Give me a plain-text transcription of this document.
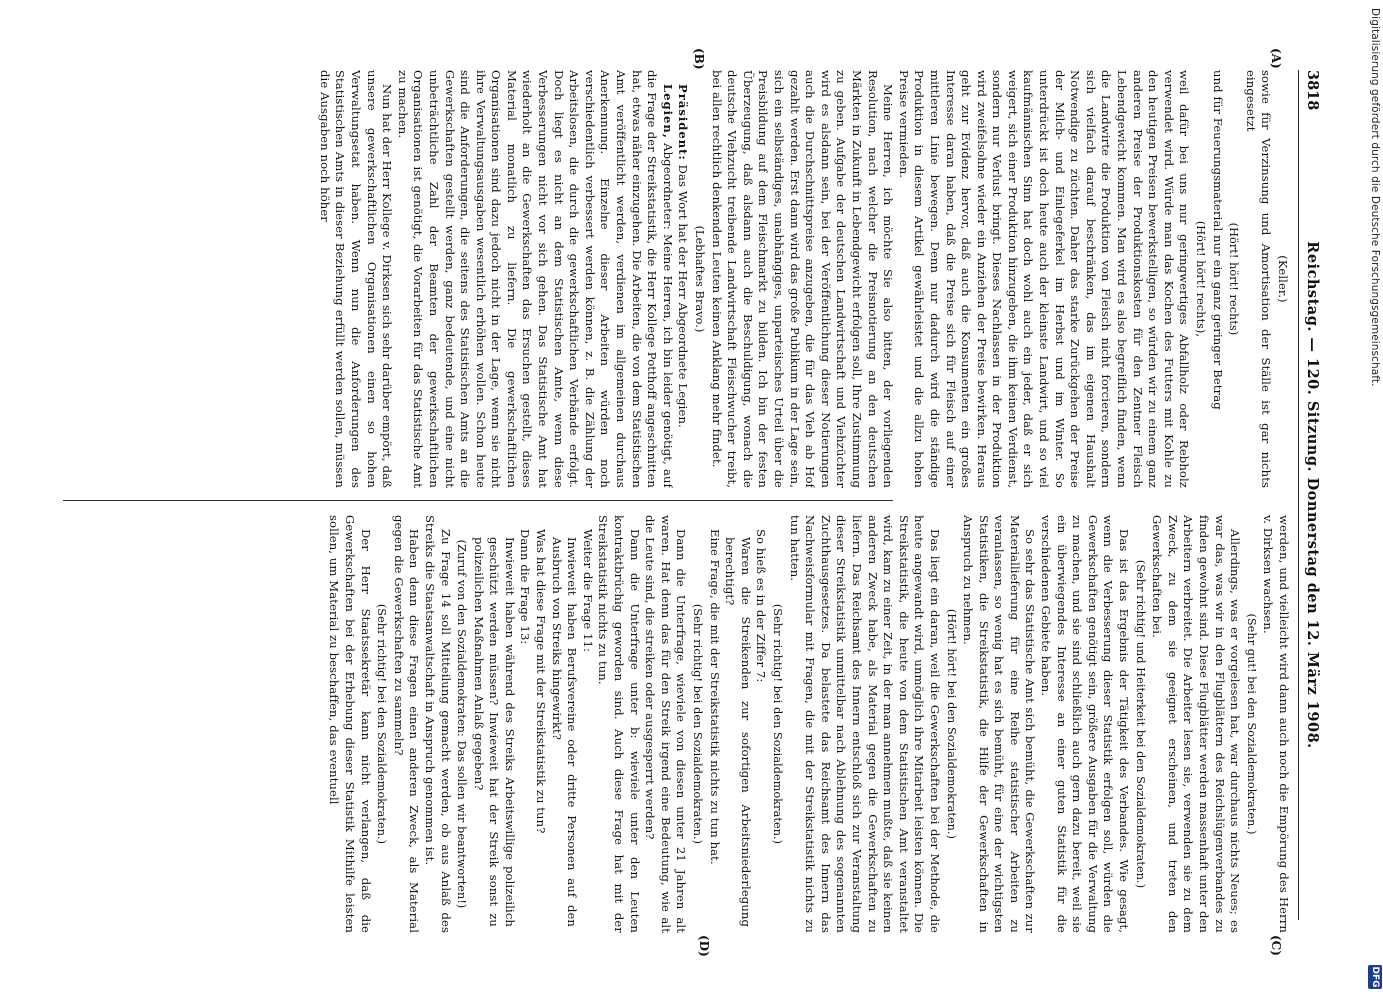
Digitalisierung gefördert durch die Deutsche Forschungsgemeinschaft.
DFG
3818
Reichstag. — 120. Sitzung. Donnerstag den 12. März 1908.
(A)
(B)
(C)
(D)

(Keller.)

sowie für Verzinsung und Amortisation der Ställe ist gar nichts eingesetzt

(Hört! hört! rechts)

und für Feuerungsmaterial nur ein ganz geringer Betrag

(Hört! hört! rechts),

weil dafür bei uns nur geringwertiges Abfallholz oder Rebholz verwendet wird. Würde man das Kochen des Futters mit Kohle zu den heutigen Preisen bewerkstelligen, so würden wir zu einem ganz anderen Preise der Produktionskosten für den Zentner Fleisch Lebendgewicht kommen. Man wird es also begreiflich finden, wenn die Landwirte die Produktion von Fleisch nicht forcieren, sondern sich vielfach darauf beschränken, das im eigenen Haushalt Notwendige zu züchten. Daher das starke Zurückgehen der Preise der Milch- und Einlegeferkel im Herbst und im Winter. So unterdrückt ist doch heute auch der kleinste Landwirt, und so viel kaufmännischen Sinn hat doch wohl auch ein jeder, daß er sich weigert, sich einer Produktion hinzugeben, die ihm keinen Verdienst, sondern nur Verlust bringt. Dieses Nachlassen in der Produktion wird zweifelsohne wieder ein Anziehen der Preise bewirken. Heraus geht zur Evidenz hervor, daß auch die Konsumenten ein großes Interesse daran haben, daß die Preise sich für Fleisch auf einer mittleren Linie bewegen. Denn nur dadurch wird die ständige Produktion in diesem Artikel gewährleistet und die allzu hohen Preise vermieden.

Meine Herren, ich möchte Sie also bitten, der vorliegenden Resolution, nach welcher die Preisnotierung an den deutschen Märkten in Zukunft in Lebendgewicht erfolgen soll, Ihre Zustimmung zu geben. Aufgabe der deutschen Landwirtschaft und Viehzüchter wird es alsdann sein, bei der Veröffentlichung dieser Notierungen auch die Durchschnittspreise anzugeben, die für das Vieh ab Hof gezahlt werden. Erst dann wird das große Publikum in der Lage sein, sich ein selbständiges, unabhängiges, unparteiisches Urteil über die Preisbildung auf dem Fleischmarkt zu bilden. Ich bin der festen Überzeugung, daß alsdann auch die Beschuldigung, wonach die deutsche Viehzucht treibende Landwirtschaft Fleischwucher treibt, bei allen rechtlich denkenden Leuten keinen Anklang mehr findet.

(Lebhaftes Bravo.)

Präsident: Das Wort hat der Herr Abgeordnete Legien.

Legien, Abgeordneter: Meine Herren, ich bin leider genötigt, auf die Frage der Streikstatistik, die Herr Kollege Potthoff angeschnitten hat, etwas näher einzugehen. Die Arbeiten, die von dem Statistischen Amt veröffentlicht werden, verdienen im allgemeinen durchaus Anerkennung. Einzelne dieser Arbeiten würden noch verschiedentlich verbessert werden können, z. B. die Zählung der Arbeitslosen, die durch die gewerkschaftlichen Verbände erfolgt. Doch liegt es nicht an dem Statistischen Amte, wenn diese Verbesserungen nicht vor sich gehen. Das Statistische Amt hat wiederholt an die Gewerkschaften das Ersuchen gestellt, dieses Material monatlich zu liefern. Die gewerkschaftlichen Organisationen sind dazu jedoch nicht in der Lage, wenn sie nicht ihre Verwaltungsausgaben wesentlich erhöhen wollen. Schon heute sind die Anforderungen, die seitens des Statistischen Amts an die Gewerkschaften gestellt werden, ganz bedeutende, und eine nicht unbeträchtliche Zahl der Beamten der gewerkschaftlichen Organisationen ist genötigt, die Vorarbeiten für das Statistische Amt zu machen.

Nun hat der Herr Kollege v. Dirksen sich sehr darüber empört, daß unsere gewerkschaftlichen Organisationen einen so hohen Verwaltungsetat haben. Wenn nun die Anforderungen des Statistischen Amts in dieser Beziehung erfüllt werden sollen, müssen die Ausgaben noch höher

werden, und vielleicht wird dann auch noch die Empörung des Herrn v. Dirksen wachsen.

(Sehr gut! bei den Sozialdemokraten.)

Allerdings, was er vorgelesen hat, war durchaus nichts Neues; es war das, was wir in den Flugblättern des Reichslügenverbandes zu finden gewohnt sind. Diese Flugblätter werden massenhaft unter den Arbeitern verbreitet. Die Arbeiter lesen sie, verwenden sie zu dem Zweck, zu dem sie geeignet erscheinen, und treten den Gewerkschaften bei.

(Sehr richtig! und Heiterkeit bei den Sozialdemokraten.)

Das ist das Ergebnis der Tätigkeit des Verbandes. Wie gesagt, wenn die Verbesserung dieser Statistik erfolgen soll, würden die Gewerkschaften genötigt sein, größere Ausgaben für die Verwaltung zu machen, und sie sind schließlich auch gern dazu bereit, weil sie ein überwiegendes Interesse an einer guten Statistik für die verschiedenen Gebiete haben.

So sehr das Statistische Amt sich bemüht, die Gewerkschaften zur Materiallieferung für eine Reihe statistischer Arbeiten zu veranlassen, so wenig hat es sich bemüht, für eine der wichtigsten Statistiken, die Streikstatistik, die Hilfe der Gewerkschaften in Anspruch zu nehmen.

(Hört! hört! bei den Sozialdemokraten.)

Das liegt ein daran, weil die Gewerkschaften bei der Methode, die heute angewandt wird, unmöglich ihre Mitarbeit leisten können. Die Streikstatistik, die heute von dem Statistischen Amt veranstaltet wird, kam zu einer Zeit, in der man annehmen mußte, daß sie keinen anderen Zweck habe, als Material gegen die Gewerkschaften zu liefern. Das Reichsamt des Innern entschloß sich zur Veranstaltung dieser Streikstatistik unmittelbar nach Ablehnung des sogenannten Zuchthausgesetzes. Da belastete das Reichsamt des Innern das Nachweisformular mit Fragen, die mit der Streikstatistik nichts zu tun hatten.

(Sehr richtig! bei den Sozialdemokraten.)

So hieß es in der Ziffer 7:

Waren die Streikenden zur sofortigen Arbeitsniederlegung berechtigt?

Eine Frage, die mit der Streikstatistik nichts zu tun hat.

(Sehr richtig! bei den Sozialdemokraten.)

Dann die Unterfrage, wieviele von diesen unter 21 Jahren alt waren. Hat denn das für den Streik irgend eine Bedeutung, wie alt die Leute sind, die streiken oder ausgesperrt werden?

Dann die Unterfrage unter b: wieviele unter den Leuten kontraktbrüchig geworden sind. Auch diese Frage hat mit der Streikstatistik nichts zu tun.

Weiter die Frage 11:

Inwieweit haben Berufsvereine oder dritte Personen auf den Ausbruch von Streiks hingewirkt?

Was hat diese Frage mit der Streikstatistik zu tun?

Dann die Frage 13:

Inwieweit haben während des Streiks Arbeitswillige polizeilich geschützt werden müssen? Inwieweit hat der Streik sonst zu polizeilichen Maßnahmen Anlaß gegeben?

(Zuruf von den Sozialdemokraten: Das sollen wir beantworten!)

Zu Frage 14 soll Mitteilung gemacht werden, ob aus Anlaß des Streiks die Staatsanwaltschaft in Anspruch genommen ist.

Haben denn diese Fragen einen anderen Zweck, als Material gegen die Gewerkschaften zu sammeln?

(Sehr richtig! bei den Sozialdemokraten.)

Der Herr Staatssekretär kann nicht verlangen, daß die Gewerkschaften bei der Erhebung dieser Statistik Mithilfe leisten sollen, um Material zu beschaffen, das eventuell
